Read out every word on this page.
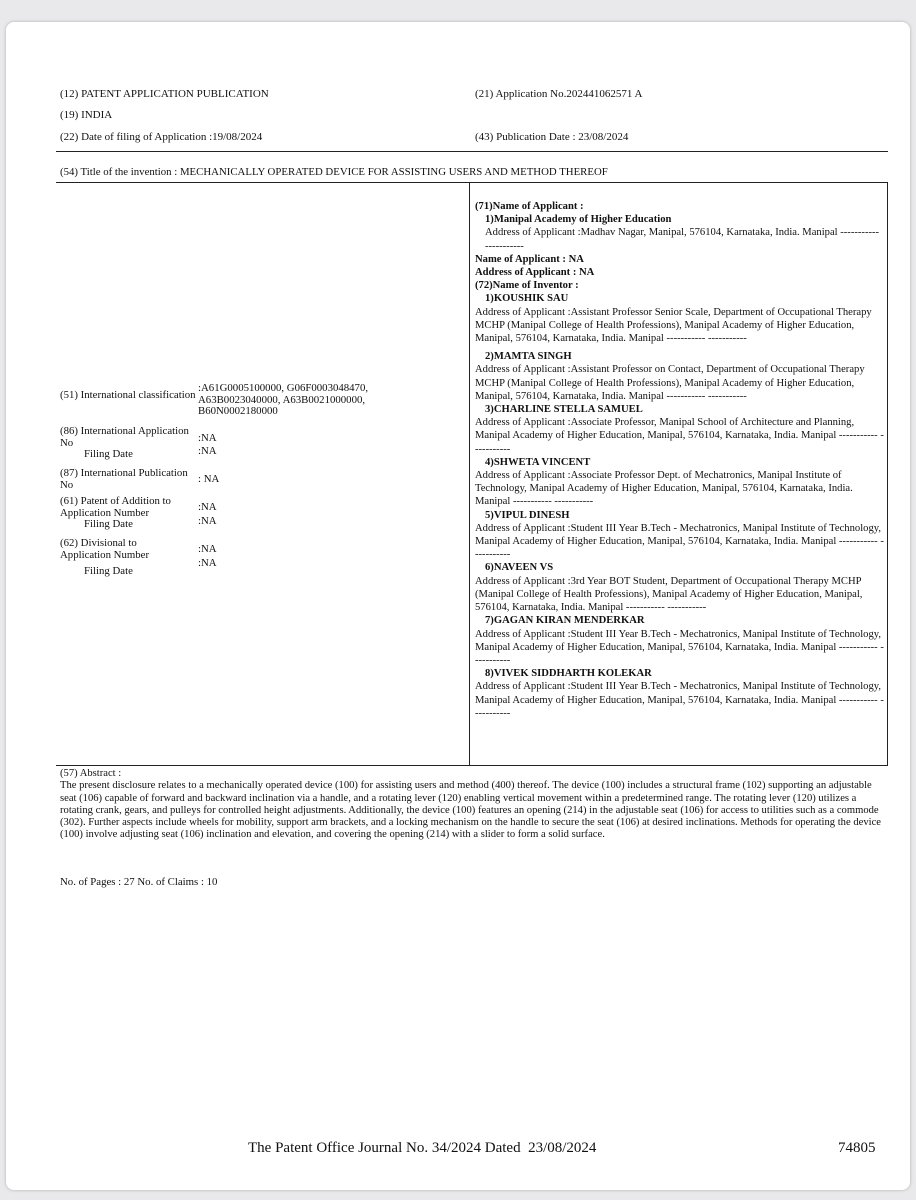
(12) PATENT APPLICATION PUBLICATION
(19) INDIA
(22) Date of filing of Application :19/08/2024
(21) Application No.202441062571 A
(43) Publication Date : 23/08/2024
(54) Title of the invention : MECHANICALLY OPERATED DEVICE FOR ASSISTING USERS AND METHOD THEREOF
(51) International classification
:A61G0005100000, G06F0003048470, A63B0023040000, A63B0021000000, B60N0002180000
(86) International Application No
Filing Date
:NA
:NA
(87) International Publication No	: NA
(61) Patent of Addition to Application Number
Filing Date
:NA
:NA
(62) Divisional to Application Number
Filing Date
:NA
:NA
(71)Name of Applicant :
1)Manipal Academy of Higher Education
Address of Applicant :Madhav Nagar, Manipal, 576104, Karnataka, India. Manipal ----------- -----------
Name of Applicant : NA
Address of Applicant : NA
(72)Name of Inventor :
1)KOUSHIK SAU
Address of Applicant :Assistant Professor Senior Scale, Department of Occupational Therapy MCHP (Manipal College of Health Professions), Manipal Academy of Higher Education, Manipal, 576104, Karnataka, India. Manipal ----------- -----------
2)MAMTA SINGH
Address of Applicant :Assistant Professor on Contact, Department of Occupational Therapy MCHP (Manipal College of Health Professions), Manipal Academy of Higher Education, Manipal, 576104, Karnataka, India. Manipal ----------- -----------
3)CHARLINE STELLA SAMUEL
Address of Applicant :Associate Professor, Manipal School of Architecture and Planning, Manipal Academy of Higher Education, Manipal, 576104, Karnataka, India. Manipal ----------- -----------
4)SHWETA VINCENT
Address of Applicant :Associate Professor Dept. of Mechatronics, Manipal Institute of Technology, Manipal Academy of Higher Education, Manipal, 576104, Karnataka, India. Manipal ----------- -----------
5)VIPUL DINESH
Address of Applicant :Student III Year B.Tech - Mechatronics, Manipal Institute of Technology, Manipal Academy of Higher Education, Manipal, 576104, Karnataka, India. Manipal ----------- -----------
6)NAVEEN VS
Address of Applicant :3rd Year BOT Student, Department of Occupational Therapy MCHP (Manipal College of Health Professions), Manipal Academy of Higher Education, Manipal, 576104, Karnataka, India. Manipal ----------- -----------
7)GAGAN KIRAN MENDERKAR
Address of Applicant :Student III Year B.Tech - Mechatronics, Manipal Institute of Technology, Manipal Academy of Higher Education, Manipal, 576104, Karnataka, India. Manipal ----------- -----------
8)VIVEK SIDDHARTH KOLEKAR
Address of Applicant :Student III Year B.Tech - Mechatronics, Manipal Institute of Technology, Manipal Academy of Higher Education, Manipal, 576104, Karnataka, India. Manipal ----------- -----------
(57) Abstract :
The present disclosure relates to a mechanically operated device (100) for assisting users and method (400) thereof. The device (100) includes a structural frame (102) supporting an adjustable seat (106) capable of forward and backward inclination via a handle, and a rotating lever (120) enabling vertical movement within a predetermined range. The rotating lever (120) utilizes a rotating crank, gears, and pulleys for controlled height adjustments. Additionally, the device (100) features an opening (214) in the adjustable seat (106) for access to utilities such as a commode (302). Further aspects include wheels for mobility, support arm brackets, and a locking mechanism on the handle to secure the seat (106) at desired inclinations. Methods for operating the device (100) involve adjusting seat (106) inclination and elevation, and covering the opening (214) with a slider to form a solid surface.
No. of Pages : 27 No. of Claims : 10
The Patent Office Journal No. 34/2024 Dated  23/08/2024	74805
